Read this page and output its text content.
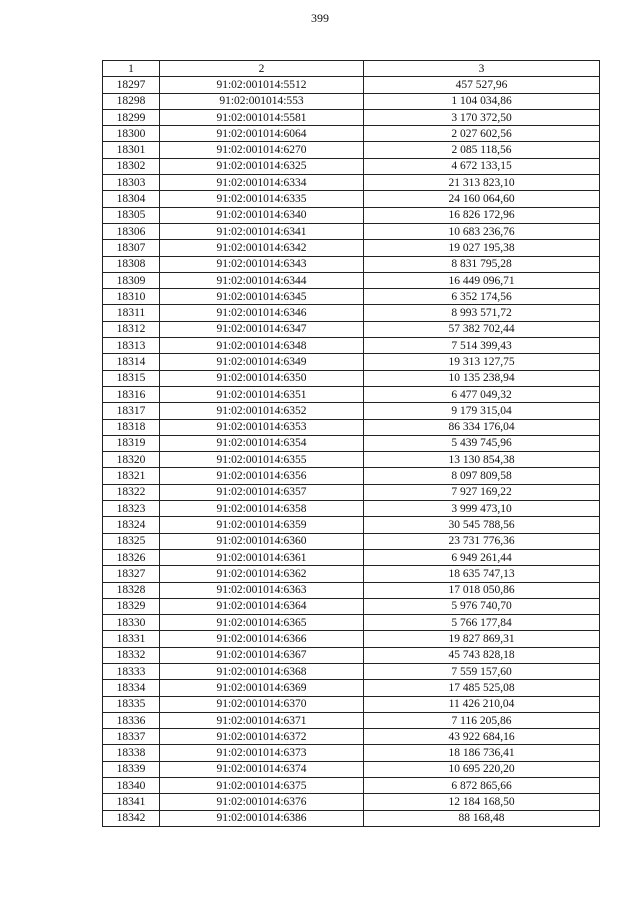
399
1	2	3
18297	91:02:001014:5512	457 527,96
18298	91:02:001014:553	1 104 034,86
18299	91:02:001014:5581	3 170 372,50
18300	91:02:001014:6064	2 027 602,56
18301	91:02:001014:6270	2 085 118,56
18302	91:02:001014:6325	4 672 133,15
18303	91:02:001014:6334	21 313 823,10
18304	91:02:001014:6335	24 160 064,60
18305	91:02:001014:6340	16 826 172,96
18306	91:02:001014:6341	10 683 236,76
18307	91:02:001014:6342	19 027 195,38
18308	91:02:001014:6343	8 831 795,28
18309	91:02:001014:6344	16 449 096,71
18310	91:02:001014:6345	6 352 174,56
18311	91:02:001014:6346	8 993 571,72
18312	91:02:001014:6347	57 382 702,44
18313	91:02:001014:6348	7 514 399,43
18314	91:02:001014:6349	19 313 127,75
18315	91:02:001014:6350	10 135 238,94
18316	91:02:001014:6351	6 477 049,32
18317	91:02:001014:6352	9 179 315,04
18318	91:02:001014:6353	86 334 176,04
18319	91:02:001014:6354	5 439 745,96
18320	91:02:001014:6355	13 130 854,38
18321	91:02:001014:6356	8 097 809,58
18322	91:02:001014:6357	7 927 169,22
18323	91:02:001014:6358	3 999 473,10
18324	91:02:001014:6359	30 545 788,56
18325	91:02:001014:6360	23 731 776,36
18326	91:02:001014:6361	6 949 261,44
18327	91:02:001014:6362	18 635 747,13
18328	91:02:001014:6363	17 018 050,86
18329	91:02:001014:6364	5 976 740,70
18330	91:02:001014:6365	5 766 177,84
18331	91:02:001014:6366	19 827 869,31
18332	91:02:001014:6367	45 743 828,18
18333	91:02:001014:6368	7 559 157,60
18334	91:02:001014:6369	17 485 525,08
18335	91:02:001014:6370	11 426 210,04
18336	91:02:001014:6371	7 116 205,86
18337	91:02:001014:6372	43 922 684,16
18338	91:02:001014:6373	18 186 736,41
18339	91:02:001014:6374	10 695 220,20
18340	91:02:001014:6375	6 872 865,66
18341	91:02:001014:6376	12 184 168,50
18342	91:02:001014:6386	88 168,48
